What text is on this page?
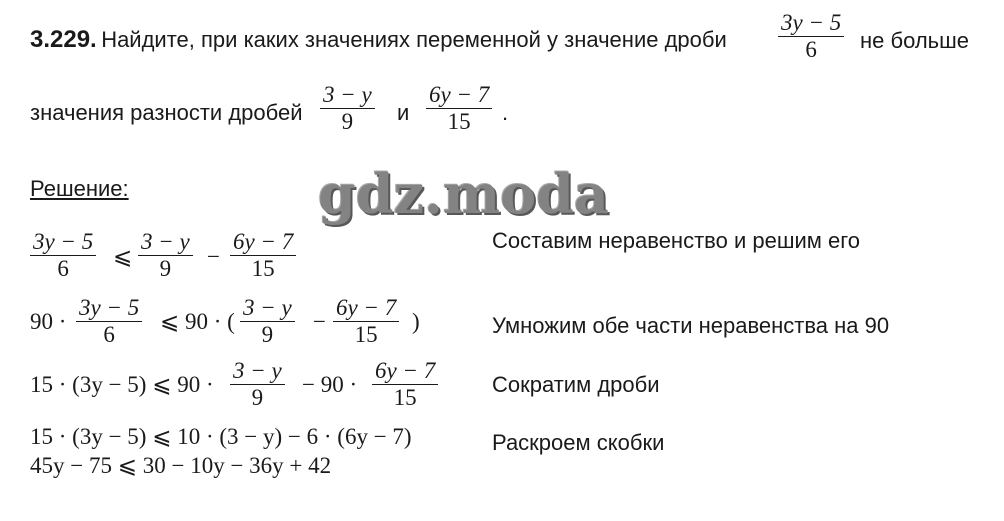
3.229. Найдите, при каких значениях переменной y значение дроби
3y − 5
6 не больше
значения разности дробей
3 − y
9 и
6y − 7
15 .
Решение:	gdz.moda
3y − 5
6 ⩽
3 − y
9 −
6y − 7
15
Составим неравенство и решим его
90 ·
3y − 5
6
⩽ 90 · (
3 − y
9
−
6y − 7
15
)	Умножим обе части неравенства на 90
15 · (3y − 5) ⩽ 90 ·
3 − y
9
− 90 ·
6y − 7
15
Сократим дроби
15 · (3y − 5) ⩽ 10 · (3 − y) − 6 · (6y − 7)	Раскроем скобки
45y − 75 ⩽ 30 − 10y − 36y + 42
